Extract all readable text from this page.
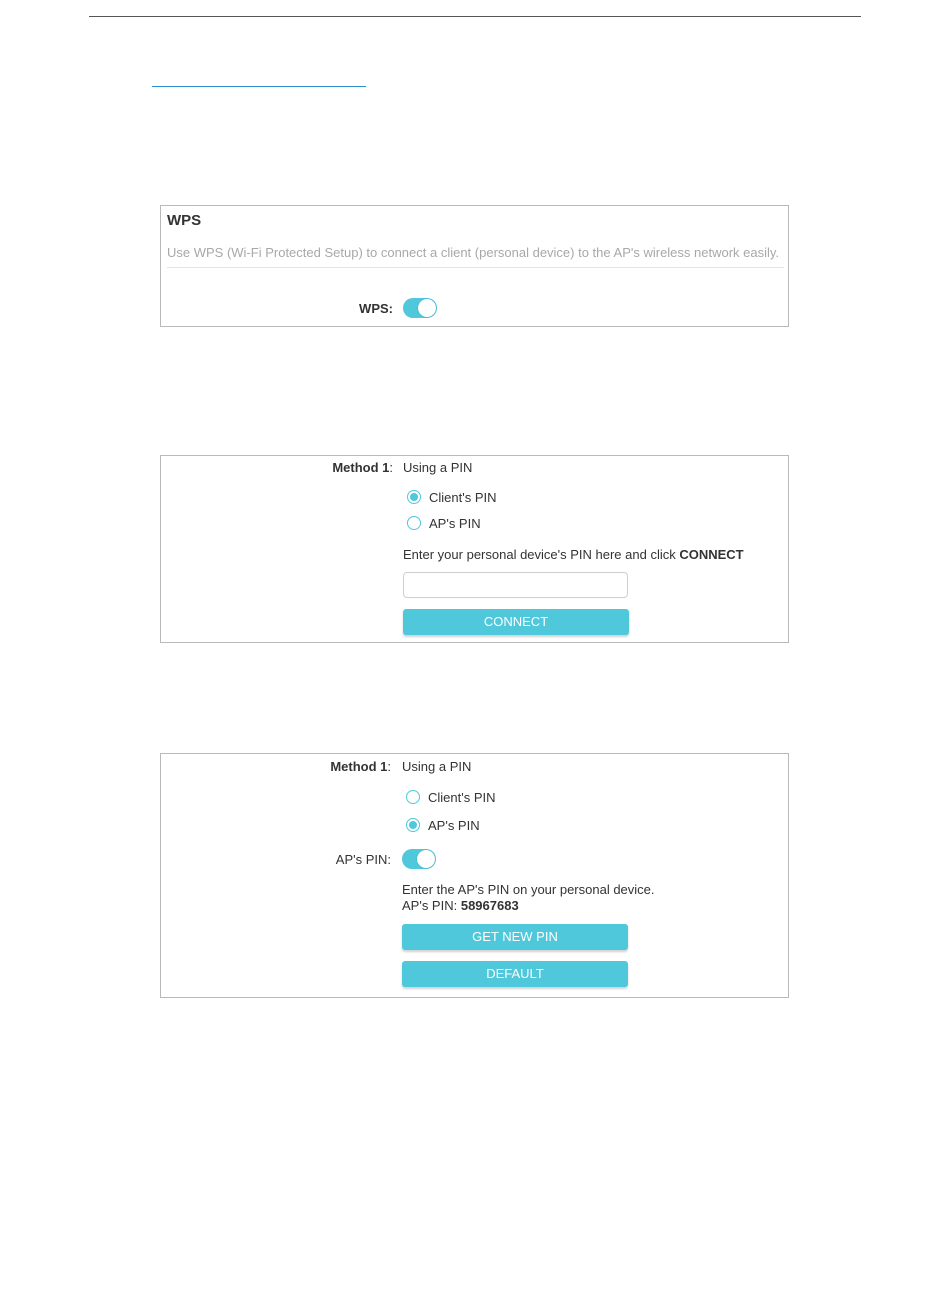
WPS
Use WPS (Wi-Fi Protected Setup) to connect a client (personal device) to the AP's wireless network easily.
WPS:
Method 1: Using a PIN
Client's PIN
AP's PIN
Enter your personal device's PIN here and click CONNECT
CONNECT
Method 1: Using a PIN
Client's PIN
AP's PIN
AP's PIN:
Enter the AP's PIN on your personal device.
AP's PIN: 58967683
GET NEW PIN
DEFAULT
